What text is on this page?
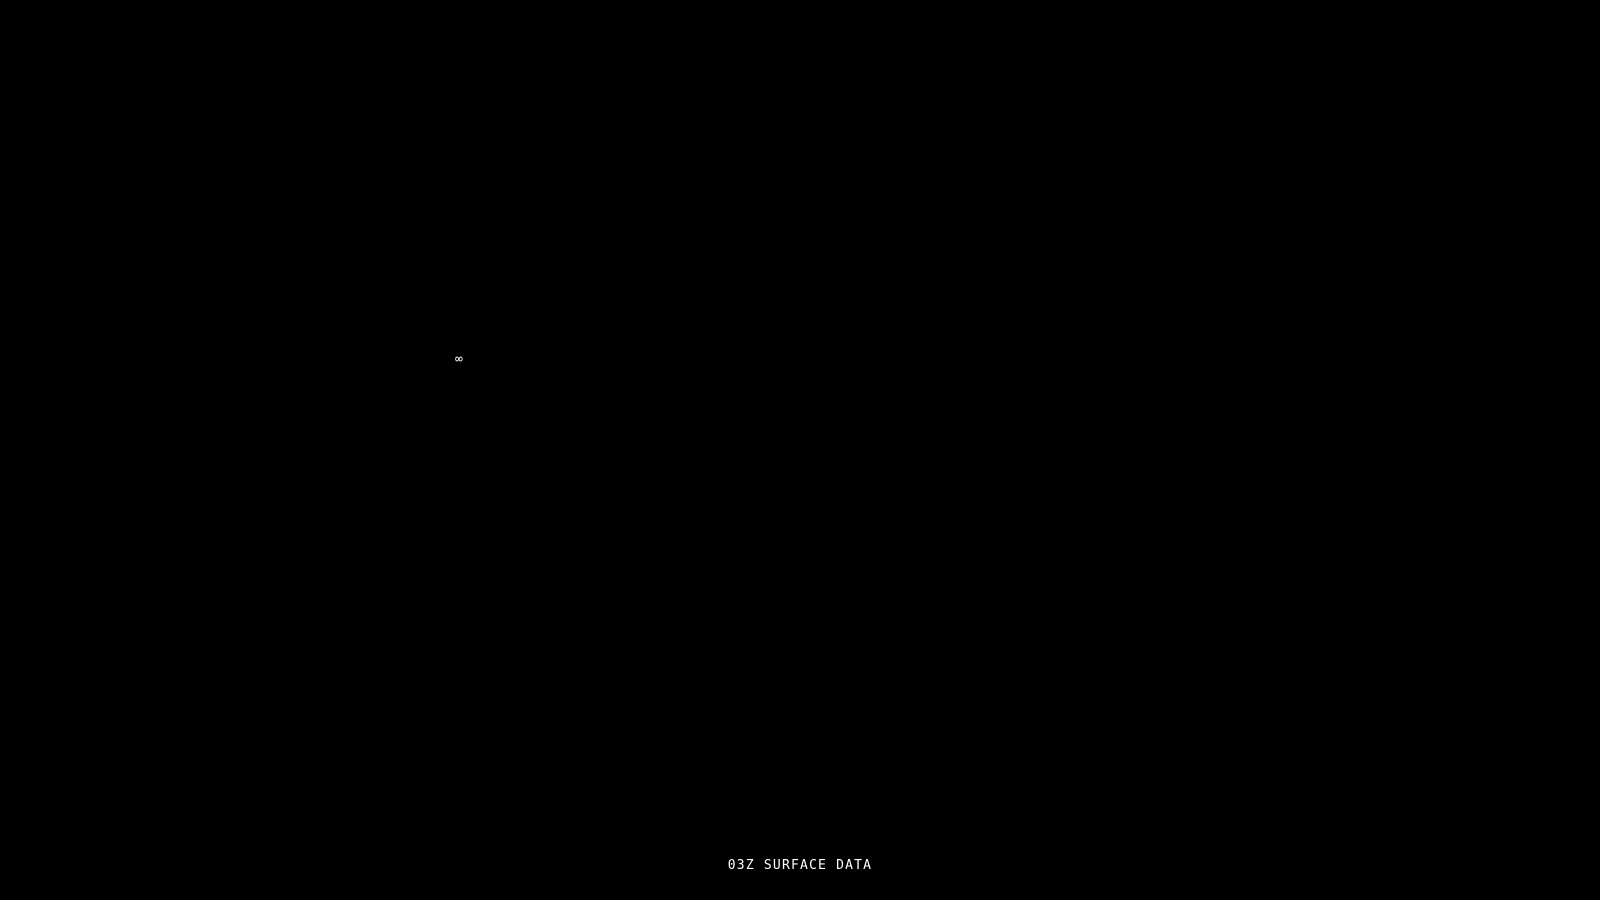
∞
03Z SURFACE DATA
